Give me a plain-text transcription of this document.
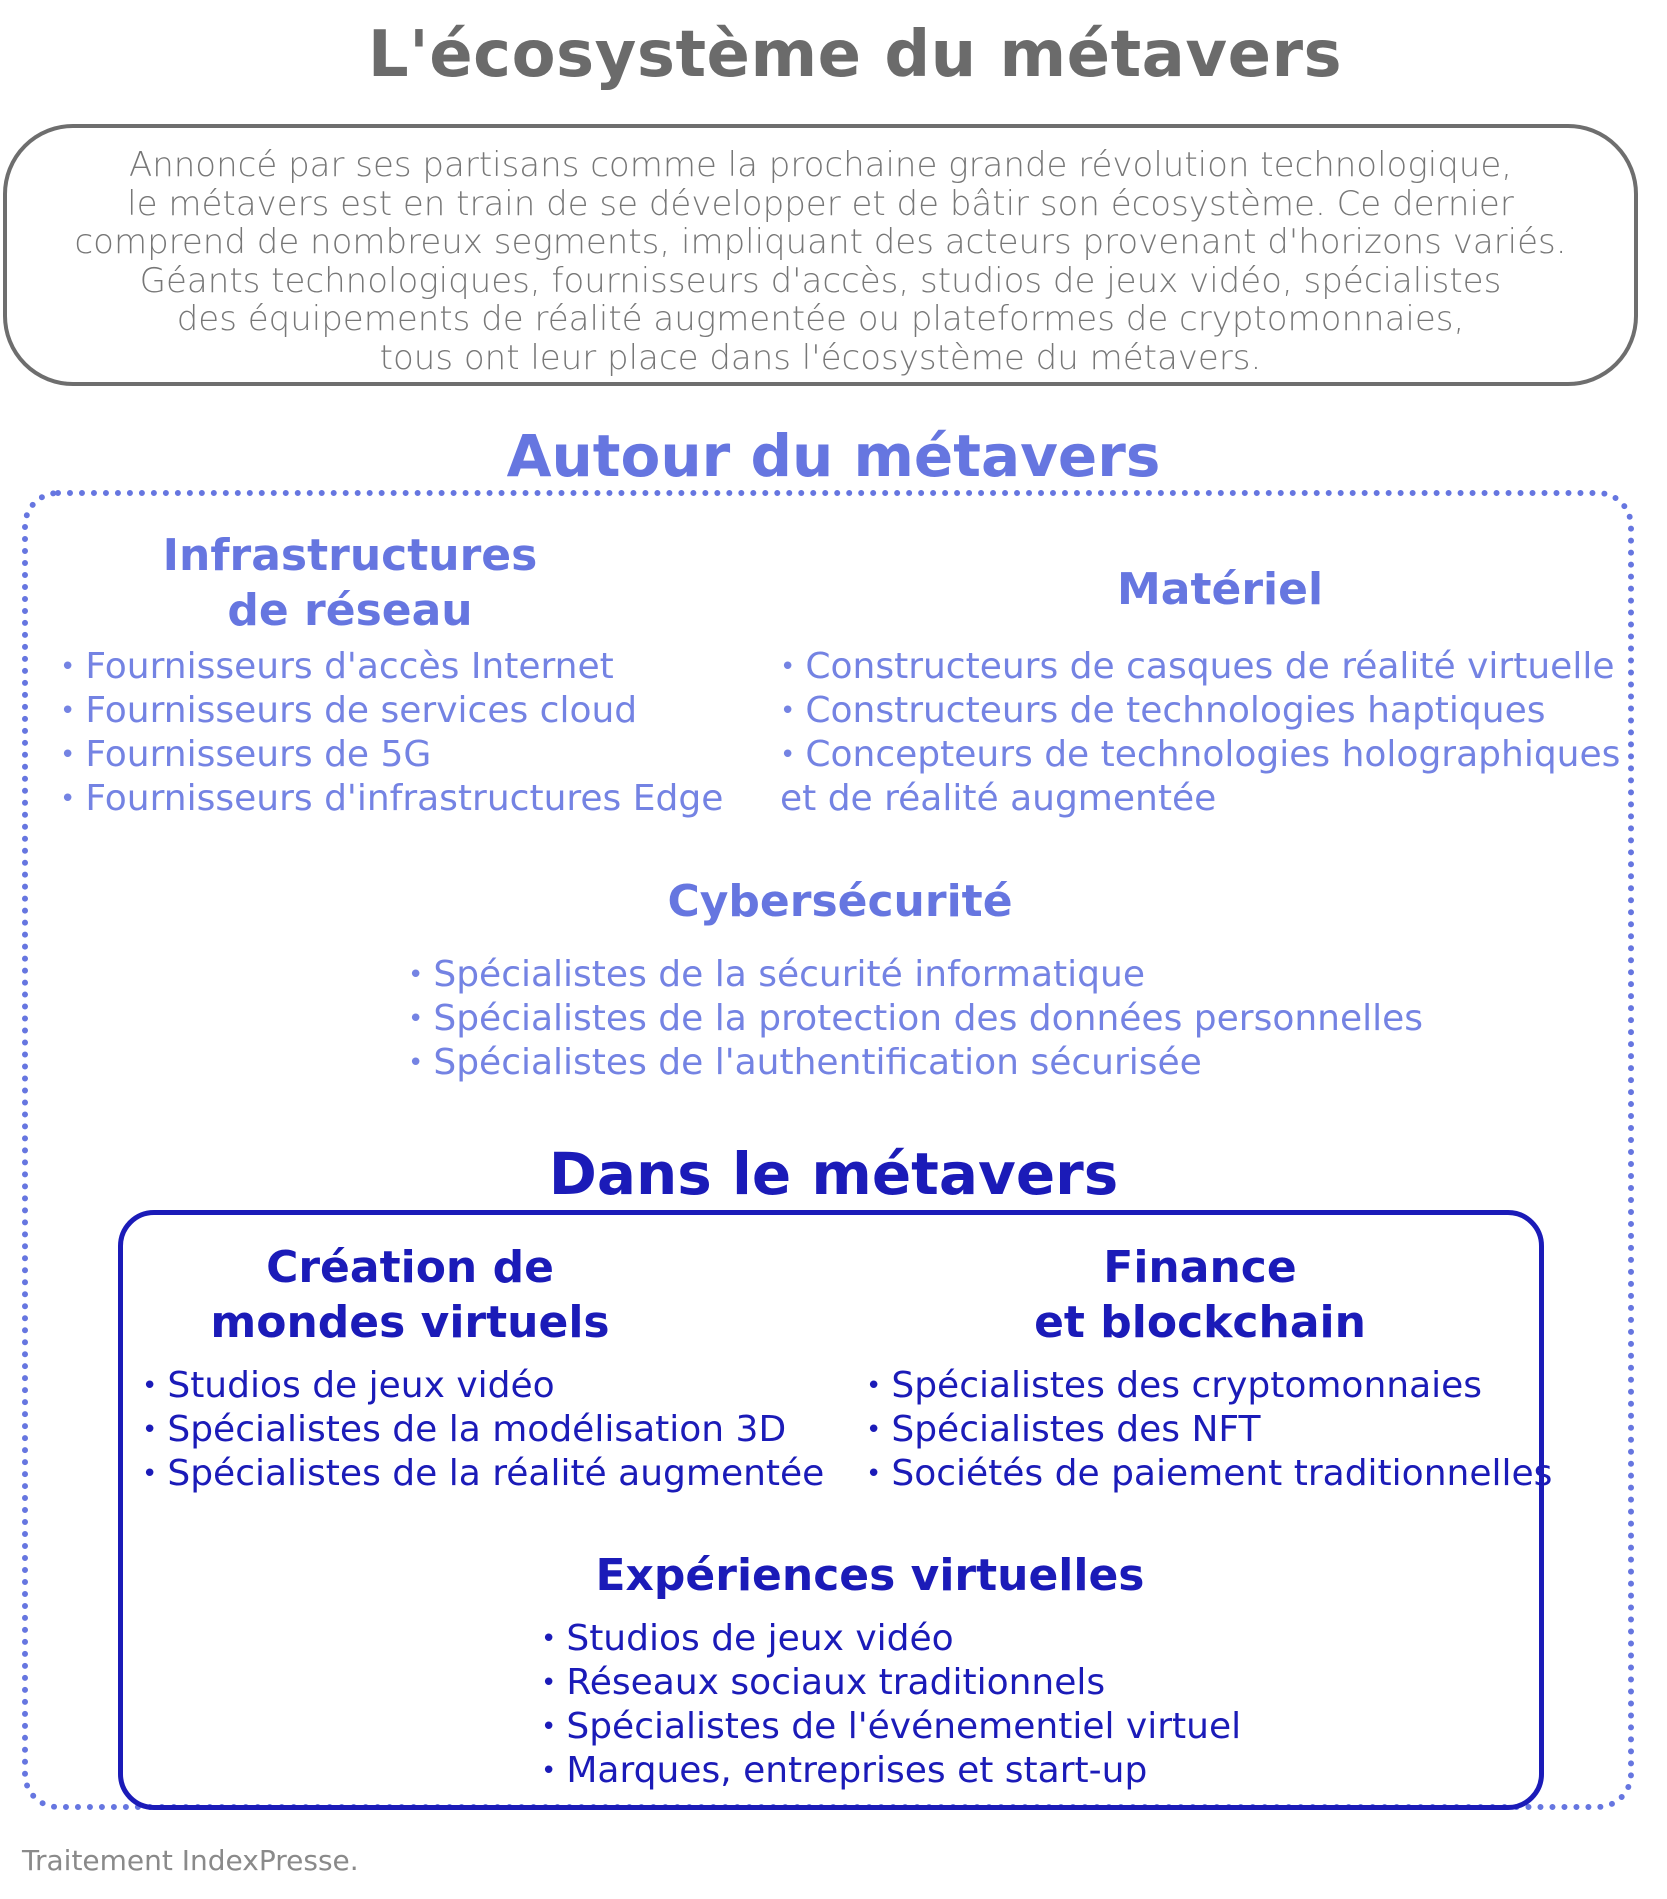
L'écosystème du métavers

Annoncé par ses partisans comme la prochaine grande révolution technologique,
le métavers est en train de se développer et de bâtir son écosystème. Ce dernier
comprend de nombreux segments, impliquant des acteurs provenant d'horizons variés.
Géants technologiques, fournisseurs d'accès, studios de jeux vidéo, spécialistes
des équipements de réalité augmentée ou plateformes de cryptomonnaies,
tous ont leur place dans l'écosystème du métavers.

Autour du métavers
Infrastructures
de réseau
• Fournisseurs d'accès Internet
• Fournisseurs de services cloud
• Fournisseurs de 5G
• Fournisseurs d'infrastructures Edge
Matériel
• Constructeurs de casques de réalité virtuelle
• Constructeurs de technologies haptiques
• Concepteurs de technologies holographiques
et de réalité augmentée
Cybersécurité
• Spécialistes de la sécurité informatique
• Spécialistes de la protection des données personnelles
• Spécialistes de l'authentification sécurisée
Dans le métavers
Création de
mondes virtuels
• Studios de jeux vidéo
• Spécialistes de la modélisation 3D
• Spécialistes de la réalité augmentée
Finance
et blockchain
• Spécialistes des cryptomonnaies
• Spécialistes des NFT
• Sociétés de paiement traditionnelles
Expériences virtuelles
• Studios de jeux vidéo
• Réseaux sociaux traditionnels
• Spécialistes de l'événementiel virtuel
• Marques, entreprises et start-up
Traitement IndexPresse.
